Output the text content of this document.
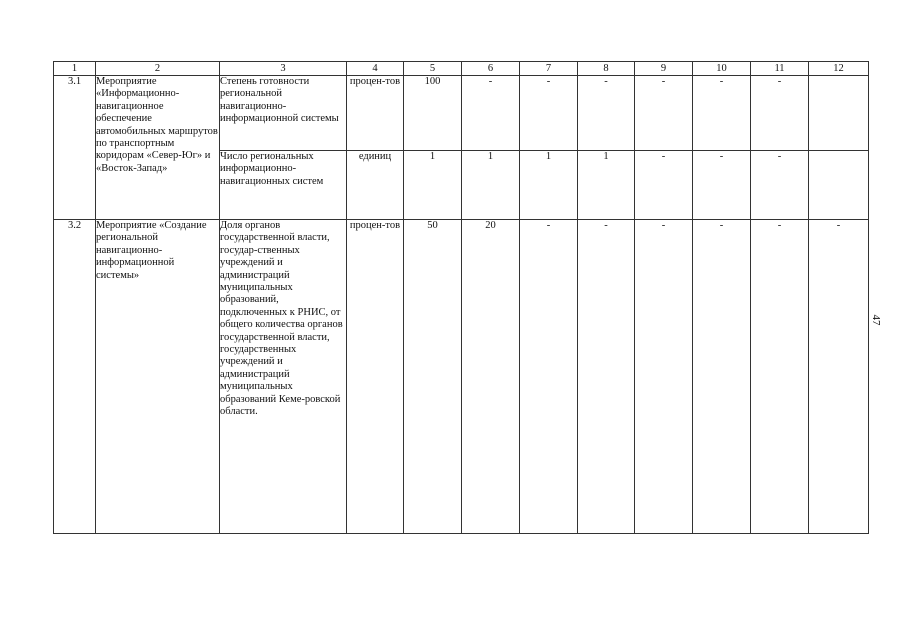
1	2	3	4	5	6	7	8	9	10	11	12
3.1	Мероприятие «Информационно-навигационное обеспечение автомобильных маршрутов по транспортным коридорам «Север-Юг» и «Восток-Запад»	Степень готовности региональной навигационно-информационной системы	процен-тов	100	-	-	-	-	-	-	
		Число региональных информационно-навигационных систем	единиц	1	1	1	1	-	-	-	
3.2	Мероприятие «Создание региональной навигационно-информационной системы»	Доля органов государственной власти, государ-ственных учреждений и администраций муниципальных образований, подключенных к РНИС, от общего количества органов государственной власти, государственных учреждений и администраций муниципальных образований Кеме-ровской области.	процен-тов	50	20	-	-	-	-	-	-
47
